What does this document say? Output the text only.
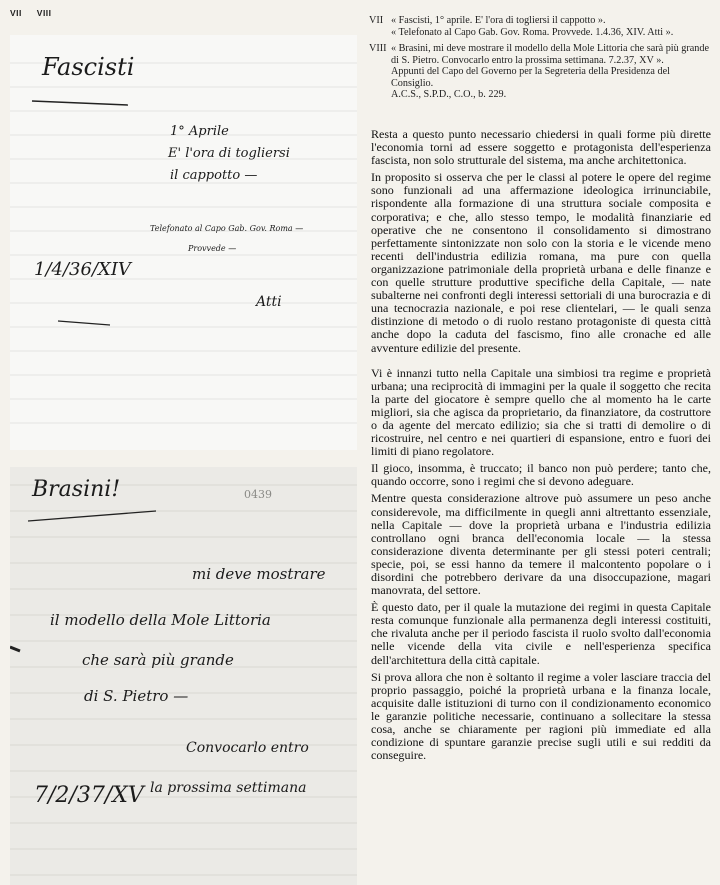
VII VIII
Fascisti
1° Aprile
E' l'ora di togliersi
il cappotto —
Telefonato al Capo Gab. Gov. Roma —
Provvede —
1/4/36/XIV
Atti
Brasini!	0439
mi deve mostrare
il modello della Mole Littoria
che sarà più grande
di S. Pietro —
Convocarlo entro
la prossima settimana
7/2/37/XV
VII « Fascisti, 1° aprile. E' l'ora di togliersi il cappotto ».

« Telefonato al Capo Gab. Gov. Roma. Provvede. 1.4.36, XIV. Atti ».

VIII « Brasini, mi deve mostrare il modello della Mole Littoria che sarà più grande di S. Pietro. Convocarlo entro la prossima settimana. 7.2.37, XV ».

Appunti del Capo del Governo per la Segreteria della Presidenza del Consiglio.

A.C.S., S.P.D., C.O., b. 229.

Resta a questo punto necessario chiedersi in quali forme più dirette l'economia torni ad essere soggetto e protagonista dell'esperienza fascista, non solo strutturale del sistema, ma anche architettonica.

In proposito si osserva che per le classi al potere le opere del regime sono funzionali ad una affermazione ideologica irrinunciabile, rispondente alla formazione di una struttura sociale composita e corporativa; e che, allo stesso tempo, le modalità finanziarie ed operative che ne consentono il consolidamento si dimostrano perfettamente sintonizzate non solo con la storia e le vicende meno recenti dell'industria edilizia romana, ma pure con quella organizzazione patrimoniale della proprietà urbana e delle finanze e con quelle strutture produttive specifiche della Capitale, — nate subalterne nei confronti degli interessi settoriali di una burocrazia e di una tecnocrazia nazionale, e poi rese clientelari, — le quali senza distinzione di metodo o di ruolo restano protagoniste di questa città anche dopo la caduta del fascismo, fino alle cronache ed alle avventure edilizie del presente.

Vi è innanzi tutto nella Capitale una simbiosi tra regime e proprietà urbana; una reciprocità di immagini per la quale il soggetto che recita la parte del giocatore è sempre quello che al momento ha le carte migliori, sia che agisca da proprietario, da finanziatore, da costruttore o da agente del mercato edilizio; sia che si tratti di demolire o di ricostruire, nel centro e nei quartieri di espansione, entro e fuori dei limiti di piano regolatore.

Il gioco, insomma, è truccato; il banco non può perdere; tanto che, quando occorre, sono i regimi che si devono adeguare.

Mentre questa considerazione altrove può assumere un peso anche considerevole, ma difficilmente in quegli anni altrettanto essenziale, nella Capitale — dove la proprietà urbana e l'industria edilizia controllano ogni branca dell'economia locale — la stessa considerazione diventa determinante per gli stessi poteri centrali; specie, poi, se essi hanno da temere il malcontento popolare o i disordini che potrebbero derivare da una disoccupazione, magari manovrata, del settore.

È questo dato, per il quale la mutazione dei regimi in questa Capitale resta comunque funzionale alla permanenza degli interessi costituiti, che rivaluta anche per il periodo fascista il ruolo svolto dall'economia nelle vicende della vita civile e nell'esperienza specifica dell'architettura della città capitale.

Si prova allora che non è soltanto il regime a voler lasciare traccia del proprio passaggio, poiché la proprietà urbana e la finanza locale, acquisite dalle istituzioni di turno con il condizionamento economico le garanzie politiche necessarie, continuano a sollecitare la stessa cosa, anche se chiaramente per ragioni più immediate ed alla condizione di spuntare garanzie precise sugli utili e sui redditi da conseguire.
